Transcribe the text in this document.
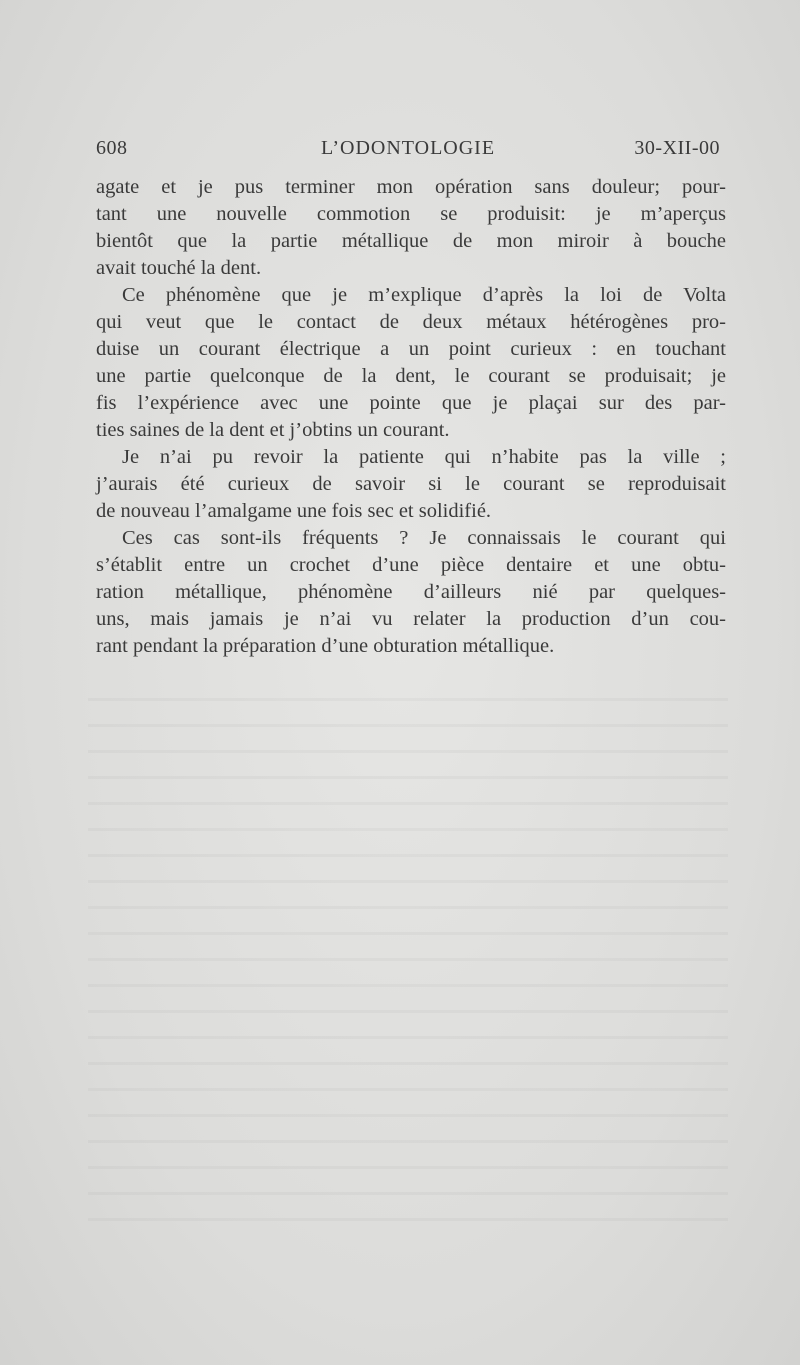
608	L’ODONTOLOGIE	30-XII-00

agate et je pus terminer mon opération sans douleur; pour-
tant une nouvelle commotion se produisit: je m’aperçus
bientôt que la partie métallique de mon miroir à bouche
avait touché la dent.

Ce phénomène que je m’explique d’après la loi de Volta
qui veut que le contact de deux métaux hétérogènes pro-
duise un courant électrique a un point curieux : en touchant
une partie quelconque de la dent, le courant se produisait; je
fis l’expérience avec une pointe que je plaçai sur des par-
ties saines de la dent et j’obtins un courant.

Je n’ai pu revoir la patiente qui n’habite pas la ville ;
j’aurais été curieux de savoir si le courant se reproduisait
de nouveau l’amalgame une fois sec et solidifié.

Ces cas sont-ils fréquents ? Je connaissais le courant qui
s’établit entre un crochet d’une pièce dentaire et une obtu-
ration métallique, phénomène d’ailleurs nié par quelques-
uns, mais jamais je n’ai vu relater la production d’un cou-
rant pendant la préparation d’une obturation métallique.
